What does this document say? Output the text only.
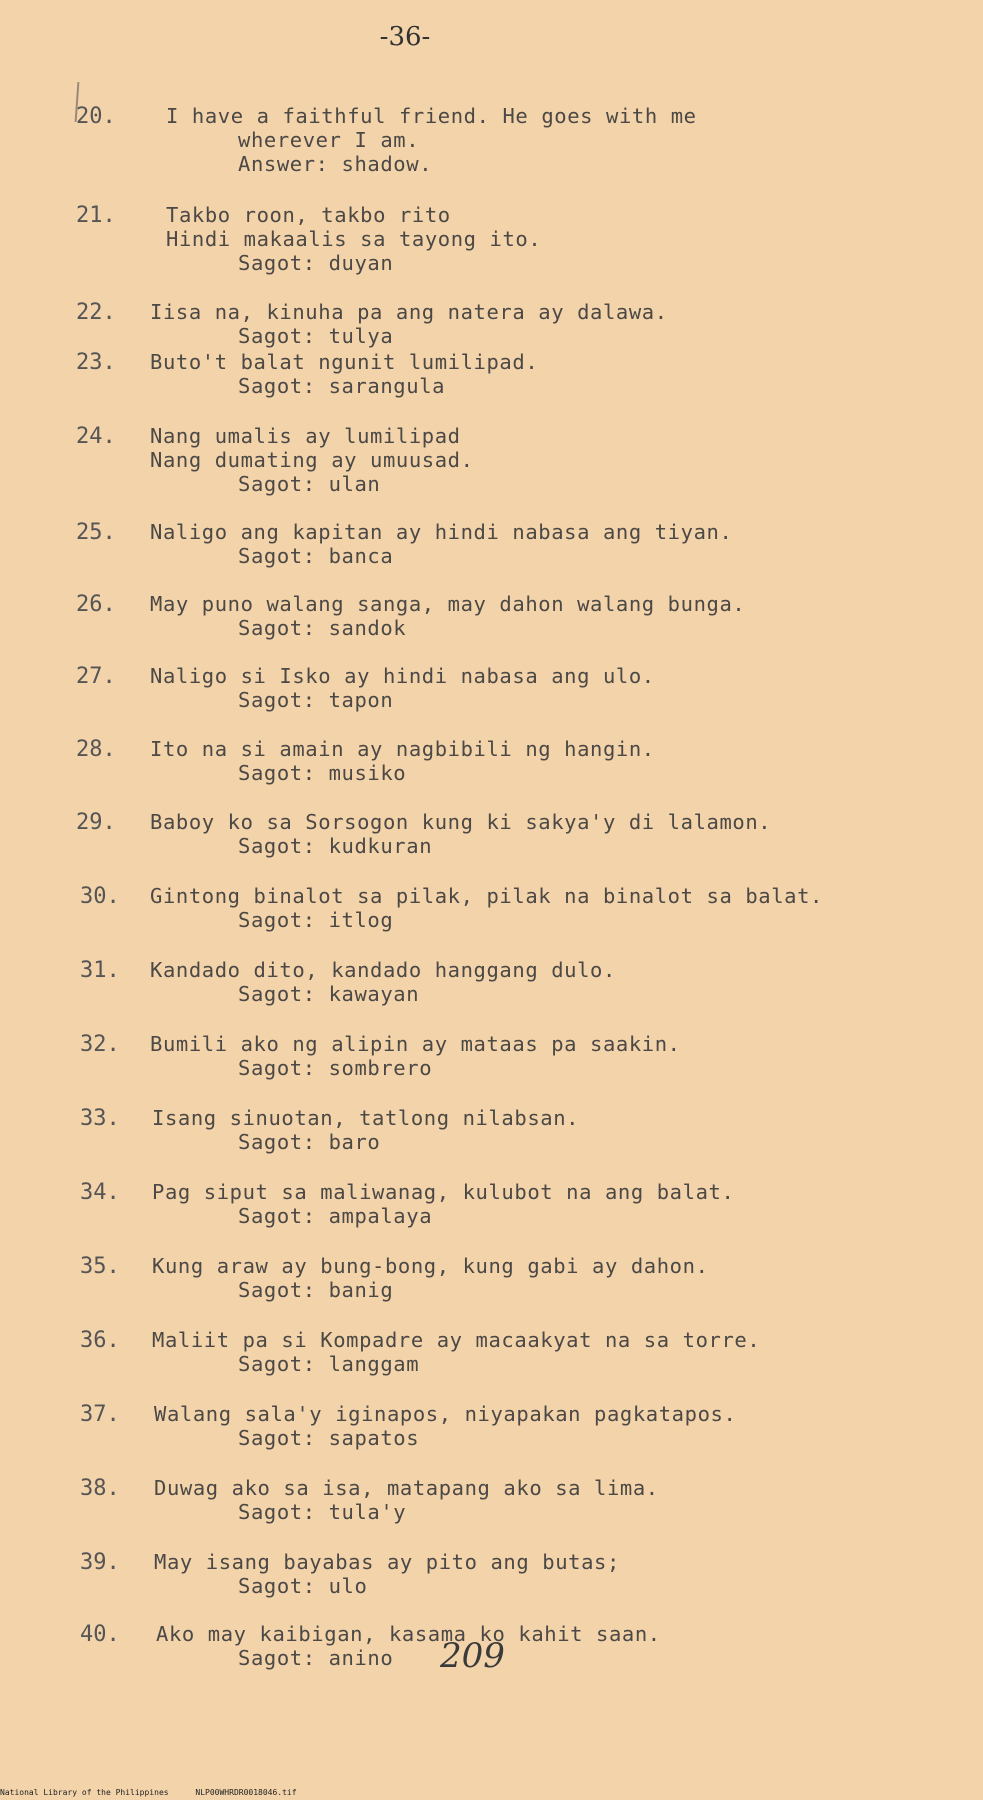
-36-
20. I have a faithful friend. He goes with me
wherever I am.
Answer: shadow.
21. Takbo roon, takbo rito
Hindi makaalis sa tayong ito.
Sagot: duyan
22. Iisa na, kinuha pa ang natera ay dalawa.
Sagot: tulya
23. Buto't balat ngunit lumilipad.
Sagot: sarangula
24. Nang umalis ay lumilipad
Nang dumating ay umuusad.
Sagot: ulan
25. Naligo ang kapitan ay hindi nabasa ang tiyan.
Sagot: banca
26. May puno walang sanga, may dahon walang bunga.
Sagot: sandok
27. Naligo si Isko ay hindi nabasa ang ulo.
Sagot: tapon
28. Ito na si amain ay nagbibili ng hangin.
Sagot: musiko
29. Baboy ko sa Sorsogon kung ki sakya'y di lalamon.
Sagot: kudkuran
30. Gintong binalot sa pilak, pilak na binalot sa balat.
Sagot: itlog
31. Kandado dito, kandado hanggang dulo.
Sagot: kawayan
32. Bumili ako ng alipin ay mataas pa saakin.
Sagot: sombrero
33. Isang sinuotan, tatlong nilabsan.
Sagot: baro
34. Pag siput sa maliwanag, kulubot na ang balat.
Sagot: ampalaya
35. Kung araw ay bung-bong, kung gabi ay dahon.
Sagot: banig
36. Maliit pa si Kompadre ay macaakyat na sa torre.
Sagot: langgam
37. Walang sala'y iginapos, niyapakan pagkatapos.
Sagot: sapatos
38. Duwag ako sa isa, matapang ako sa lima.
Sagot: tula'y
39. May isang bayabas ay pito ang butas;
Sagot: ulo
40. Ako may kaibigan, kasama ko kahit saan.
Sagot: anino 209
National Library of the Philippines	NLP00WHRDR0018046.tif
